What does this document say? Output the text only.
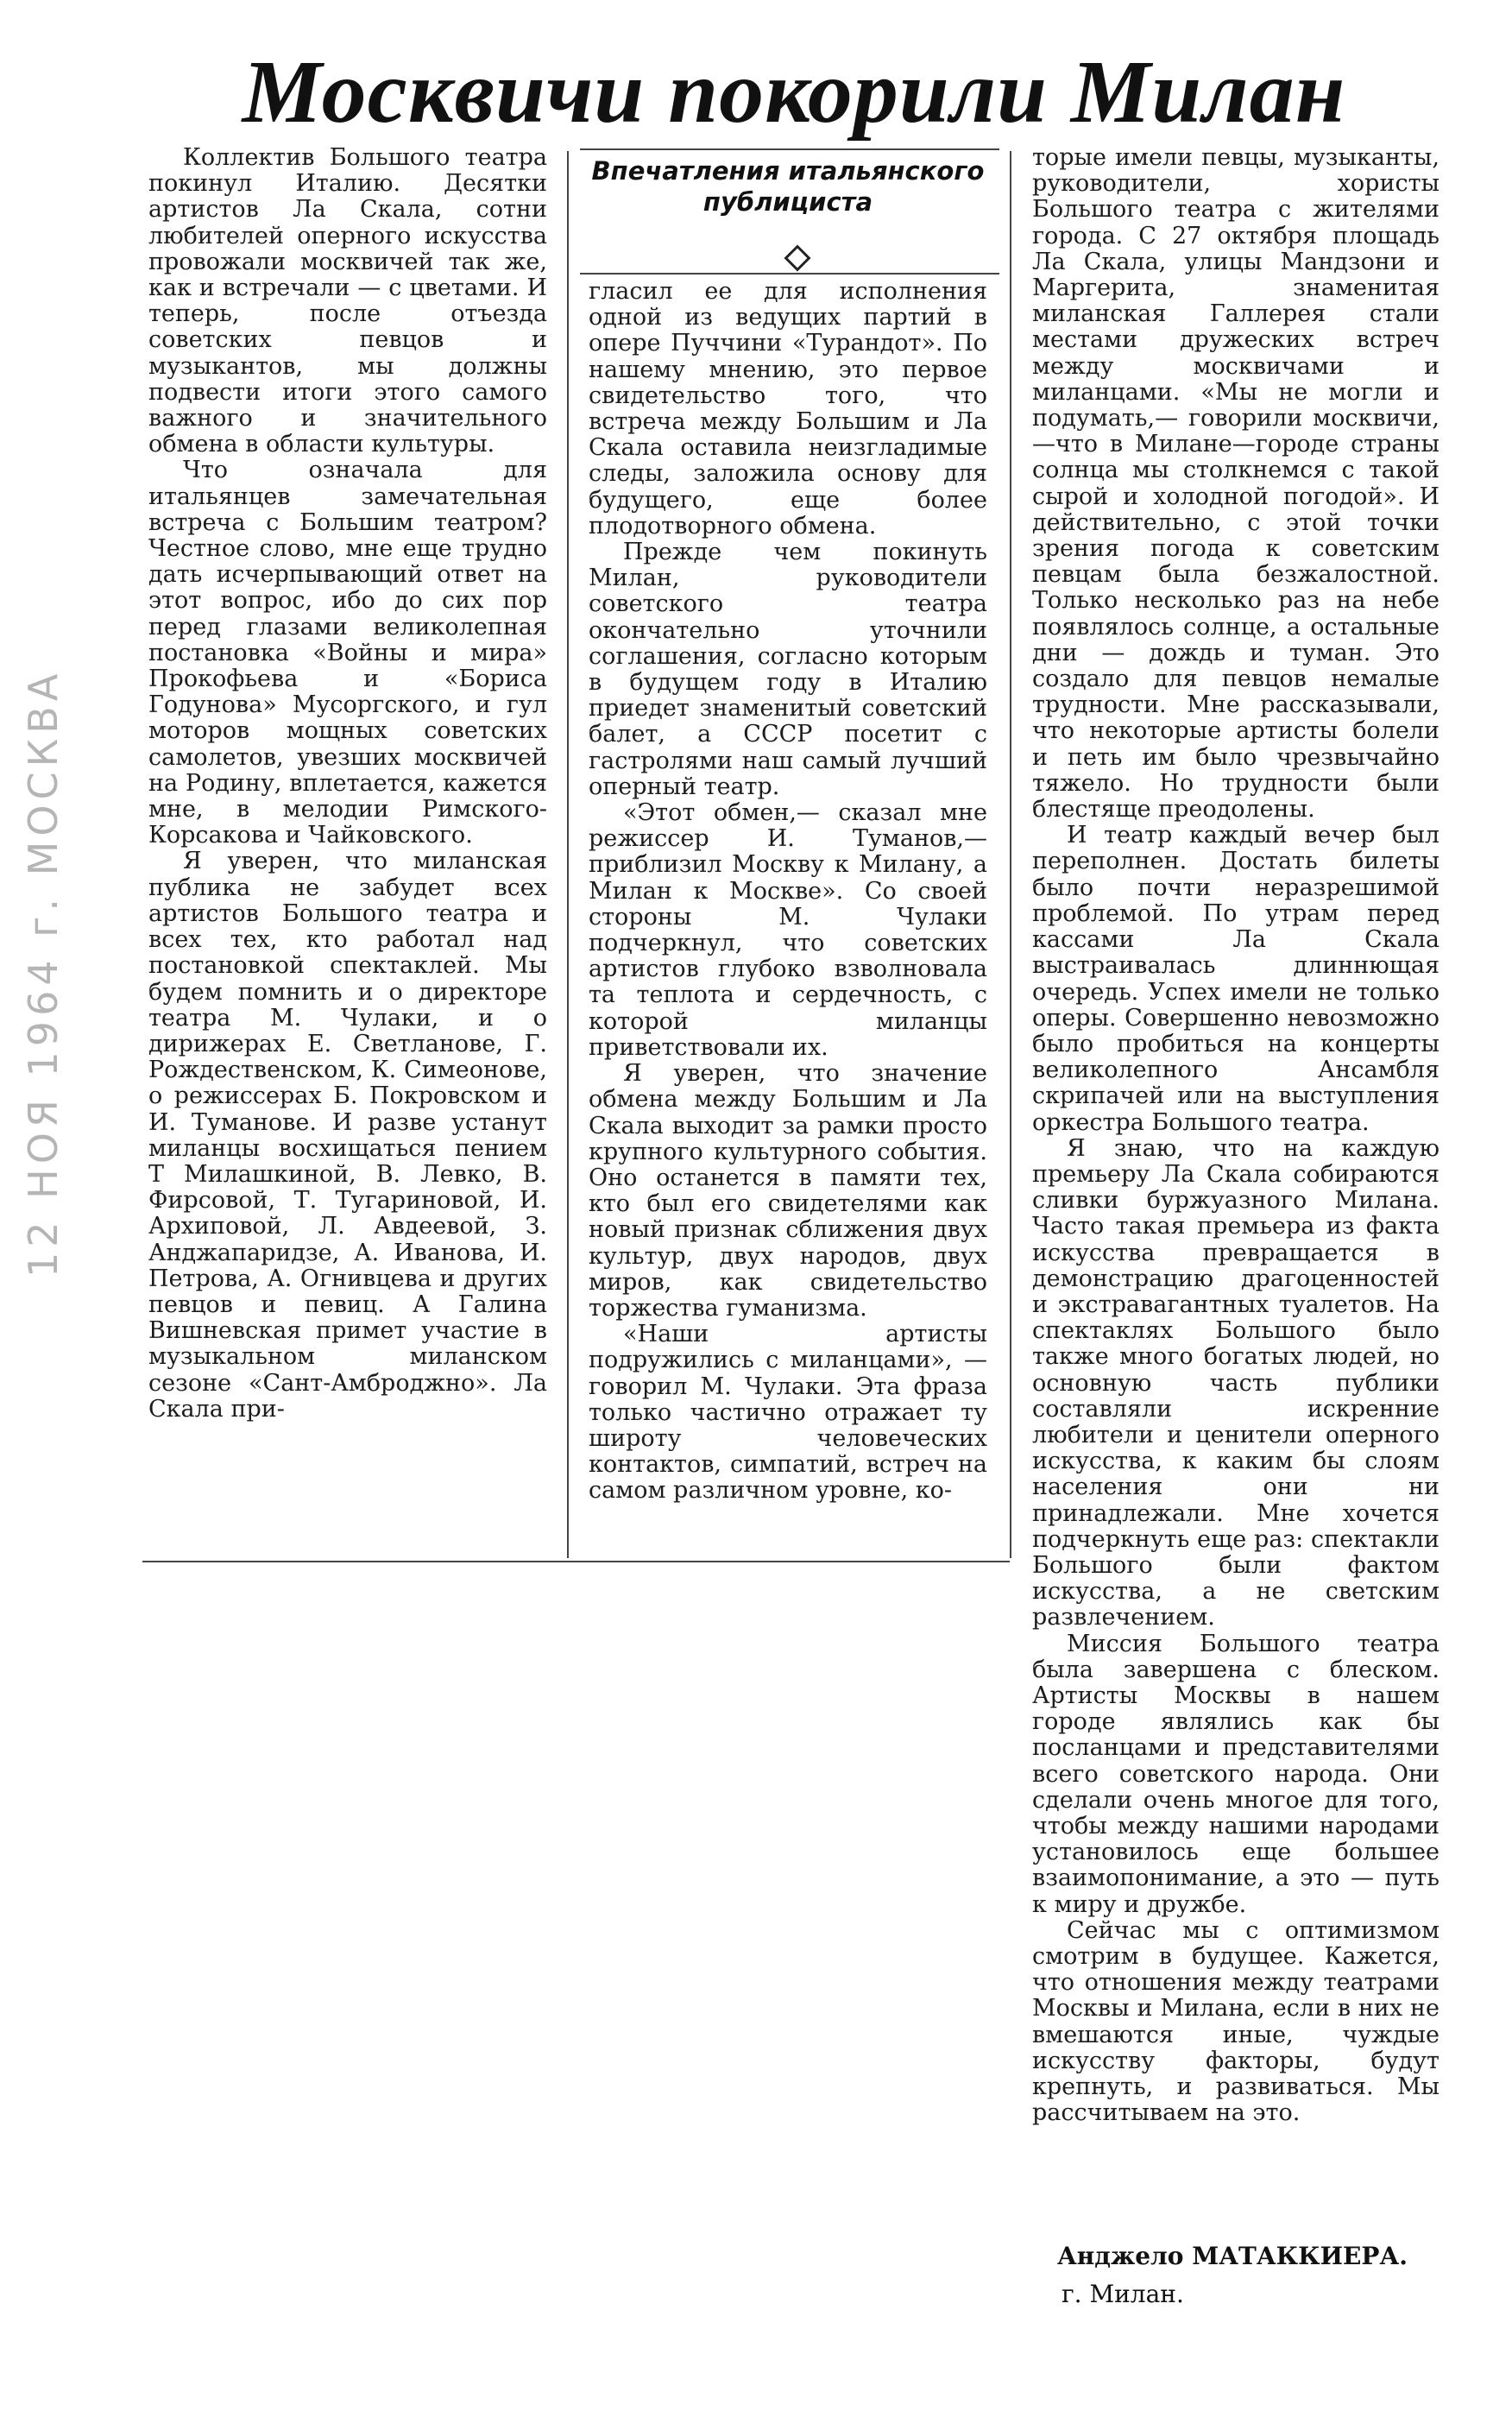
Москвичи покорили Милан
Впечатления итальянского публициста

Коллектив Большого театра покинул Италию. Десятки артистов Ла Скала, сотни любителей оперного искусства провожали москвичей так же, как и встречали — с цветами. И теперь, после отъезда советских певцов и музыкантов, мы должны подвести итоги этого самого важного и значительного обмена в области культуры.

Что означала для итальянцев замечательная встреча с Большим театром? Честное слово, мне еще трудно дать исчерпывающий ответ на этот вопрос, ибо до сих пор перед глазами великолепная постановка «Войны и мира» Прокофьева и «Бориса Годунова» Мусоргского, и гул моторов мощных советских самолетов, увезших москвичей на Родину, вплетается, кажется мне, в мелодии Римского-Корсакова и Чайковского.

Я уверен, что миланская публика не забудет всех артистов Большого театра и всех тех, кто работал над постановкой спектаклей. Мы будем помнить и о директоре театра М. Чулаки, и о дирижерах Е. Светланове, Г. Рождественском, К. Симеонове, о режиссерах Б. Покровском и И. Туманове. И разве устанут миланцы восхищаться пением Т Милашкиной, В. Левко, В. Фирсовой, Т. Тугариновой, И. Архиповой, Л. Авдеевой, З. Анджапаридзе, А. Иванова, И. Петрова, А. Огнивцева и других певцов и певиц. А Галина Вишневская примет участие в музыкальном миланском сезоне «Сант-Амброджно». Ла Скала при-

гласил ее для исполнения одной из ведущих партий в опере Пуччини «Турандот». По нашему мнению, это первое свидетельство того, что встреча между Большим и Ла Скала оставила неизгладимые следы, заложила основу для будущего, еще более плодотворного обмена.

Прежде чем покинуть Милан, руководители советского театра окончательно уточнили соглашения, согласно которым в будущем году в Италию приедет знаменитый советский балет, а СССР посетит с гастролями наш самый лучший оперный театр.

«Этот обмен,— сказал мне режиссер И. Туманов,— приблизил Москву к Милану, а Милан к Москве». Со своей стороны М. Чулаки подчеркнул, что советских артистов глубоко взволновала та теплота и сердечность, с которой миланцы приветствовали их.

Я уверен, что значение обмена между Большим и Ла Скала выходит за рамки просто крупного культурного события. Оно останется в памяти тех, кто был его свидетелями как новый признак сближения двух культур, двух народов, двух миров, как свидетельство торжества гуманизма.

«Наши артисты подружились с миланцами», — говорил М. Чулаки. Эта фраза только частично отражает ту широту человеческих контактов, симпатий, встреч на самом различном уровне, ко-

торые имели певцы, музыканты, руководители, хористы Большого театра с жителями города. С 27 октября площадь Ла Скала, улицы Мандзони и Маргерита, знаменитая миланская Галлерея стали местами дружеских встреч между москвичами и миланцами. «Мы не могли и подумать,— говорили москвичи,—что в Милане—городе страны солнца мы столкнемся с такой сырой и холодной погодой». И действительно, с этой точки зрения погода к советским певцам была безжалостной. Только несколько раз на небе появлялось солнце, а остальные дни — дождь и туман. Это создало для певцов немалые трудности. Мне рассказывали, что некоторые артисты болели и петь им было чрезвычайно тяжело. Но трудности были блестяще преодолены.

И театр каждый вечер был переполнен. Достать билеты было почти неразрешимой проблемой. По утрам перед кассами Ла Скала выстраивалась длиннющая очередь. Успех имели не только оперы. Совершенно невозможно было пробиться на концерты великолепного Ансамбля скрипачей или на выступления оркестра Большого театра.

Я знаю, что на каждую премьеру Ла Скала собираются сливки буржуазного Милана. Часто такая премьера из факта искусства превращается в демонстрацию драгоценностей и экстравагантных туалетов. На спектаклях Большого было также много богатых людей, но основную часть публики составляли искренние любители и ценители оперного искусства, к каким бы слоям населения они ни принадлежали. Мне хочется подчеркнуть еще раз: спектакли Большого были фактом искусства, а не светским развлечением.

Миссия Большого театра была завершена с блеском. Артисты Москвы в нашем городе являлись как бы посланцами и представителями всего советского народа. Они сделали очень многое для того, чтобы между нашими народами установилось еще большее взаимопонимание, а это — путь к миру и дружбе.

Сейчас мы с оптимизмом смотрим в будущее. Кажется, что отношения между театрами Москвы и Милана, если в них не вмешаются иные, чуждые искусству факторы, будут крепнуть, и развиваться. Мы рассчитываем на это.

Анджело МАТАККИЕРА.
г. Милан.
12 НОЯ 1964 г. МОСКВА
